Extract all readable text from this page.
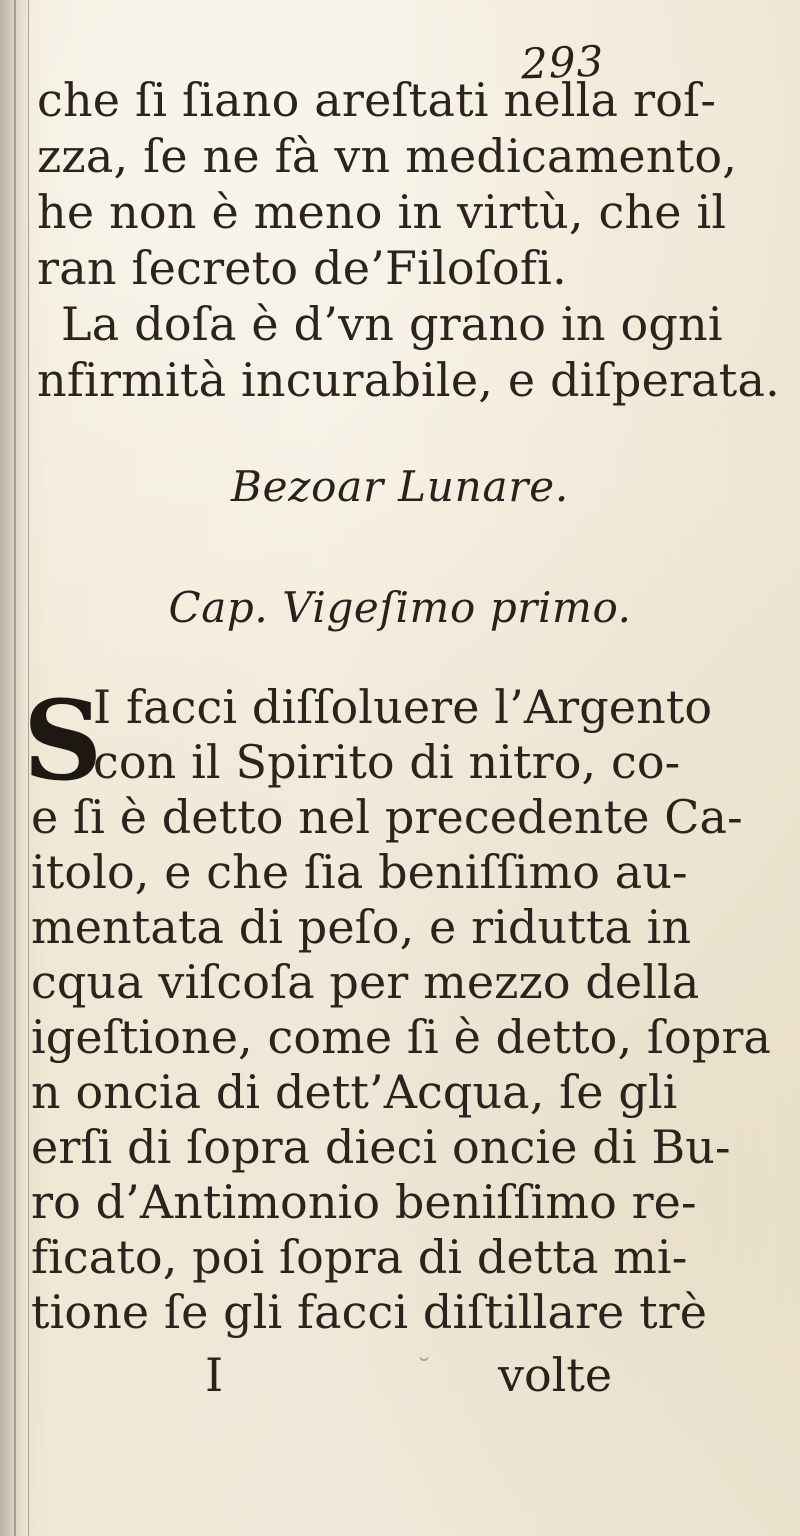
293
che ſi ſiano areſtati nella roſ-
zza, ſe ne fà vn medicamento,
he non è meno in virtù, che il
ran ſecreto de’Filoſofi.
La doſa è d’vn grano in ogni
nfirmità incurabile, e diſperata.
Bezoar Lunare.
Cap. Vigeſimo primo.
S
I facci diſſoluere l’Argento
con il Spirito di nitro, co-
e ſi è detto nel precedente Ca-
itolo, e che ſia beniſſimo au-
mentata di peſo, e ridutta in
cqua viſcoſa per mezzo della
igeſtione, come ſi è detto, ſopra
n oncia di dett’Acqua, ſe gli
erſi di ſopra dieci oncie di Bu-
ro d’Antimonio beniſſimo re-
ficato, poi ſopra di detta mi-
tione ſe gli facci diſtillare trè
I	volte
˘
